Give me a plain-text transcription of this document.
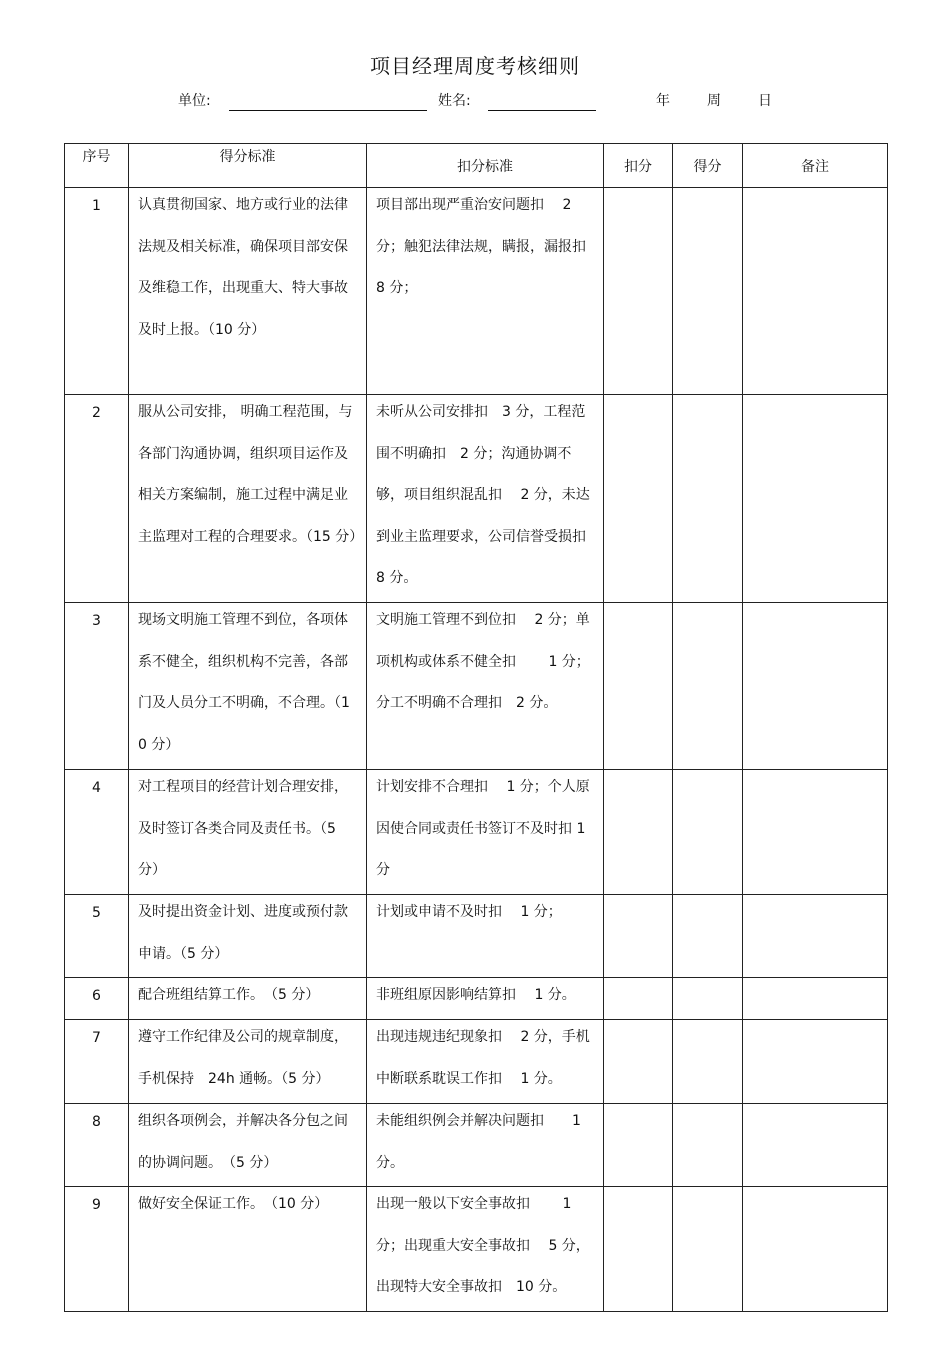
项目经理周度考核细则
单位:	姓名:	年	周	日
序号	得分标准	扣分标准	扣分	得分	备注
1	认真贯彻国家、地方或行业的法律法规及相关标准，确保项目部安保及维稳工作，出现重大、特大事故及时上报。（10 分）	项目部出现严重治安问题扣　 2 分；触犯法律法规，瞒报，漏报扣 8 分；			

2	服从公司安排， 明确工程范围，与各部门沟通协调，组织项目运作及相关方案编制，施工过程中满足业主监理对工程的合理要求。（15 分）	未听从公司安排扣　3 分，工程范围不明确扣　2 分；沟通协调不够，项目组织混乱扣　 2 分，未达到业主监理要求，公司信誉受损扣 8 分。			

3	现场文明施工管理不到位，各项体系不健全，组织机构不完善，各部门及人员分工不明确，不合理。（10 分）	文明施工管理不到位扣　 2 分；单项机构或体系不健全扣　　 1 分；分工不明确不合理扣　2 分。			

4	对工程项目的经营计划合理安排，及时签订各类合同及责任书。（5 分）	计划安排不合理扣　 1 分；个人原因使合同或责任书签订不及时扣 1 分			

5	及时提出资金计划、进度或预付款申请。（5 分）	计划或申请不及时扣　 1 分；			

6	配合班组结算工作。　（5 分）	非班组原因影响结算扣　 1 分。			

7	遵守工作纪律及公司的规章制度，手机保持　24h 通畅。（5 分）	出现违规违纪现象扣　 2 分，手机中断联系耽误工作扣　 1 分。			

8	组织各项例会，并解决各分包之间的协调问题。　（5 分）	未能组织例会并解决问题扣　　1 分。			

9	做好安全保证工作。　（10 分）	出现一般以下安全事故扣　　 1 分；出现重大安全事故扣　 5 分，出现特大安全事故扣　10 分。			
